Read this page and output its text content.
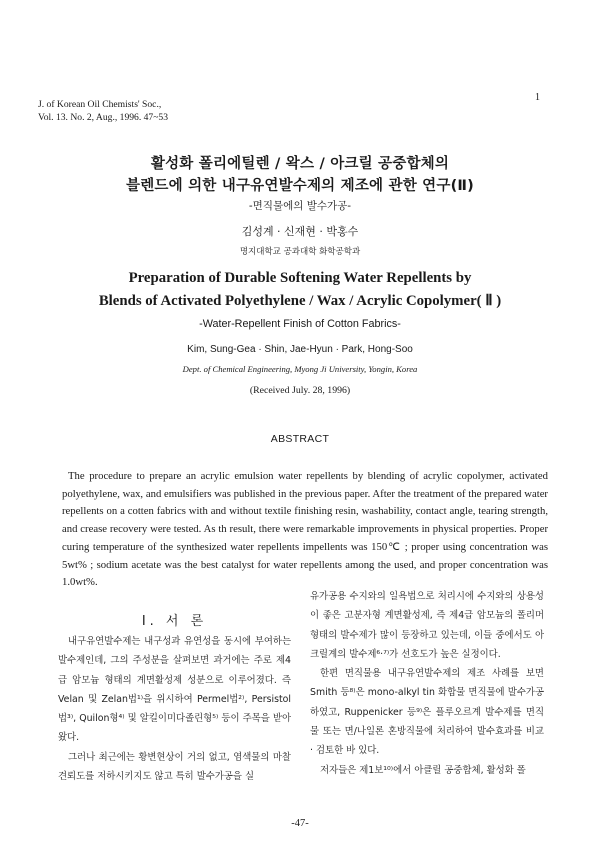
J. of Korean Oil Chemists' Soc.,
Vol. 13. No. 2, Aug., 1996. 47~53
1
활성화 폴리에틸렌 / 왁스 / 아크릴 공중합체의
블렌드에 의한 내구유연발수제의 제조에 관한 연구(Ⅱ)
-면직물에의 발수가공-
김성계 · 신재현 · 박홍수
명지대학교 공과대학 화학공학과
Preparation of Durable Softening Water Repellents by
Blends of Activated Polyethylene / Wax / Acrylic Copolymer( Ⅱ )
-Water-Repellent Finish of Cotton Fabrics-
Kim, Sung-Gea · Shin, Jae-Hyun · Park, Hong-Soo
Dept. of Chemical Engineering, Myong Ji University, Yongin, Korea
(Received July. 28, 1996)
ABSTRACT

The procedure to prepare an acrylic emulsion water repellents by blending of acrylic copolymer, activated polyethylene, wax, and emulsifiers was published in the previous paper. After the treatment of the prepared water repellents on a cotten fabrics with and without textile finishing resin, washability, contact angle, tearing strength, and crease recovery were tested. As th result, there were remarkable improvements in physical properties. Proper curing temperature of the synthesized water repellents impellents was 150℃ ; proper using concentration was 5wt% ; sodium acetate was the best catalyst for water repellents among the used, and proper concentration was 1.0wt%.

Ⅰ. 서 론

내구유연발수제는 내구성과 유연성을 동시에 부여하는 발수제인데, 그의 주성분을 살펴보면 과거에는 주로 제4급 암모늄 형태의 계면활성제 성분으로 이루어졌다. 즉 Velan 및 Zelan법¹⁾을 위시하여 Permel법²⁾, Persistol법³⁾, Quilon형⁴⁾ 및 알킬이미다졸린형⁵⁾ 등이 주목을 받아왔다.

그러나 최근에는 황변현상이 거의 없고, 염색물의 마찰견뢰도를 저하시키지도 않고 특히 발수가공을 실

유가공용 수지와의 일욕법으로 처리시에 수지와의 상용성이 좋은 고분자형 계면활성제, 즉 제4급 암모늄의 폴리머 형태의 발수제가 많이 등장하고 있는데, 이들 중에서도 아크릴계의 발수제⁶·⁷⁾가 선호도가 높은 실정이다.

한편 면직물용 내구유연발수제의 제조 사례를 보면 Smith 등⁸⁾은 mono-alkyl tin 화합물 면직물에 발수가공하였고, Ruppenicker 등⁹⁾은 플루오르계 발수제를 면직물 또는 면/나일론 혼방직물에 처리하여 발수효과를 비교 · 검토한 바 있다.

저자들은 제1보¹⁰⁾에서 아클릴 공중합체, 활성화 폴

-47-
